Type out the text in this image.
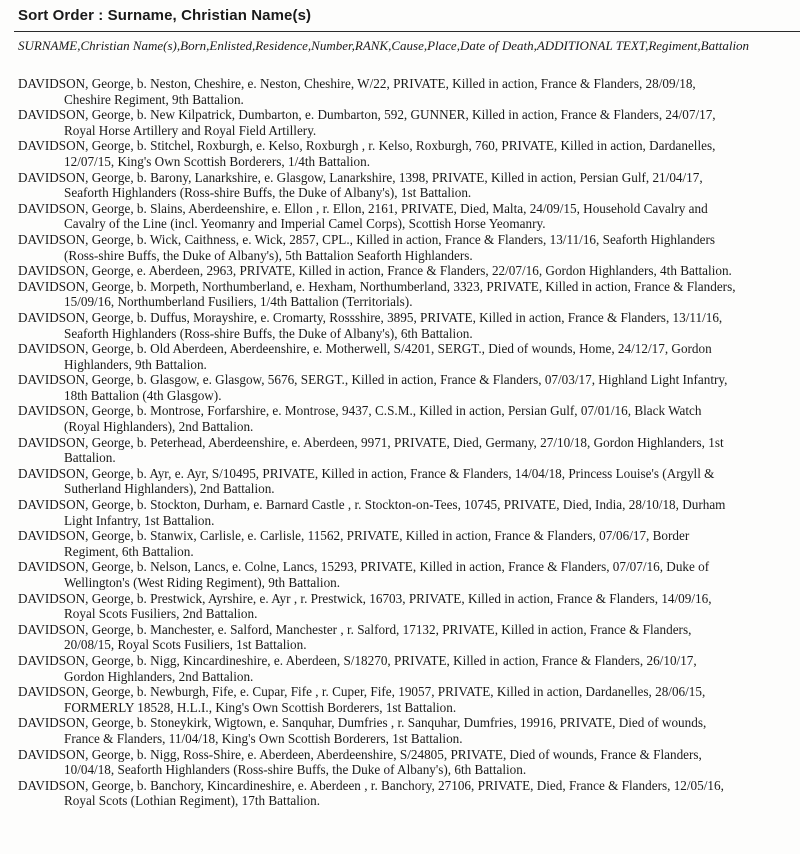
Sort Order : Surname, Christian Name(s)
SURNAME,Christian Name(s),Born,Enlisted,Residence,Number,RANK,Cause,Place,Date of Death,ADDITIONAL TEXT,Regiment,Battalion

DAVIDSON, George, b. Neston, Cheshire, e. Neston, Cheshire, W/22, PRIVATE, Killed in action, France & Flanders, 28/09/18, Cheshire Regiment, 9th Battalion.

DAVIDSON, George, b. New Kilpatrick, Dumbarton, e. Dumbarton, 592, GUNNER, Killed in action, France & Flanders, 24/07/17, Royal Horse Artillery and Royal Field Artillery.

DAVIDSON, George, b. Stitchel, Roxburgh, e. Kelso, Roxburgh , r. Kelso, Roxburgh, 760, PRIVATE, Killed in action, Dardanelles, 12/07/15, King's Own Scottish Borderers, 1/4th Battalion.

DAVIDSON, George, b. Barony, Lanarkshire, e. Glasgow, Lanarkshire, 1398, PRIVATE, Killed in action, Persian Gulf, 21/04/17, Seaforth Highlanders (Ross-shire Buffs, the Duke of Albany's), 1st Battalion.

DAVIDSON, George, b. Slains, Aberdeenshire, e. Ellon , r. Ellon, 2161, PRIVATE, Died, Malta, 24/09/15, Household Cavalry and Cavalry of the Line (incl. Yeomanry and Imperial Camel Corps), Scottish Horse Yeomanry.

DAVIDSON, George, b. Wick, Caithness, e. Wick, 2857, CPL., Killed in action, France & Flanders, 13/11/16, Seaforth Highlanders (Ross-shire Buffs, the Duke of Albany's), 5th Battalion Seaforth Highlanders.

DAVIDSON, George, e. Aberdeen, 2963, PRIVATE, Killed in action, France & Flanders, 22/07/16, Gordon Highlanders, 4th Battalion.

DAVIDSON, George, b. Morpeth, Northumberland, e. Hexham, Northumberland, 3323, PRIVATE, Killed in action, France & Flanders, 15/09/16, Northumberland Fusiliers, 1/4th Battalion (Territorials).

DAVIDSON, George, b. Duffus, Morayshire, e. Cromarty, Rossshire, 3895, PRIVATE, Killed in action, France & Flanders, 13/11/16, Seaforth Highlanders (Ross-shire Buffs, the Duke of Albany's), 6th Battalion.

DAVIDSON, George, b. Old Aberdeen, Aberdeenshire, e. Motherwell, S/4201, SERGT., Died of wounds, Home, 24/12/17, Gordon Highlanders, 9th Battalion.

DAVIDSON, George, b. Glasgow, e. Glasgow, 5676, SERGT., Killed in action, France & Flanders, 07/03/17, Highland Light Infantry, 18th Battalion (4th Glasgow).

DAVIDSON, George, b. Montrose, Forfarshire, e. Montrose, 9437, C.S.M., Killed in action, Persian Gulf, 07/01/16, Black Watch (Royal Highlanders), 2nd Battalion.

DAVIDSON, George, b. Peterhead, Aberdeenshire, e. Aberdeen, 9971, PRIVATE, Died, Germany, 27/10/18, Gordon Highlanders, 1st Battalion.

DAVIDSON, George, b. Ayr, e. Ayr, S/10495, PRIVATE, Killed in action, France & Flanders, 14/04/18, Princess Louise's (Argyll & Sutherland Highlanders), 2nd Battalion.

DAVIDSON, George, b. Stockton, Durham, e. Barnard Castle , r. Stockton-on-Tees, 10745, PRIVATE, Died, India, 28/10/18, Durham Light Infantry, 1st Battalion.

DAVIDSON, George, b. Stanwix, Carlisle, e. Carlisle, 11562, PRIVATE, Killed in action, France & Flanders, 07/06/17, Border Regiment, 6th Battalion.

DAVIDSON, George, b. Nelson, Lancs, e. Colne, Lancs, 15293, PRIVATE, Killed in action, France & Flanders, 07/07/16, Duke of Wellington's (West Riding Regiment), 9th Battalion.

DAVIDSON, George, b. Prestwick, Ayrshire, e. Ayr , r. Prestwick, 16703, PRIVATE, Killed in action, France & Flanders, 14/09/16, Royal Scots Fusiliers, 2nd Battalion.

DAVIDSON, George, b. Manchester, e. Salford, Manchester , r. Salford, 17132, PRIVATE, Killed in action, France & Flanders, 20/08/15, Royal Scots Fusiliers, 1st Battalion.

DAVIDSON, George, b. Nigg, Kincardineshire, e. Aberdeen, S/18270, PRIVATE, Killed in action, France & Flanders, 26/10/17, Gordon Highlanders, 2nd Battalion.

DAVIDSON, George, b. Newburgh, Fife, e. Cupar, Fife , r. Cuper, Fife, 19057, PRIVATE, Killed in action, Dardanelles, 28/06/15, FORMERLY 18528, H.L.I., King's Own Scottish Borderers, 1st Battalion.

DAVIDSON, George, b. Stoneykirk, Wigtown, e. Sanquhar, Dumfries , r. Sanquhar, Dumfries, 19916, PRIVATE, Died of wounds, France & Flanders, 11/04/18, King's Own Scottish Borderers, 1st Battalion.

DAVIDSON, George, b. Nigg, Ross-Shire, e. Aberdeen, Aberdeenshire, S/24805, PRIVATE, Died of wounds, France & Flanders, 10/04/18, Seaforth Highlanders (Ross-shire Buffs, the Duke of Albany's), 6th Battalion.

DAVIDSON, George, b. Banchory, Kincardineshire, e. Aberdeen , r. Banchory, 27106, PRIVATE, Died, France & Flanders, 12/05/16, Royal Scots (Lothian Regiment), 17th Battalion.
